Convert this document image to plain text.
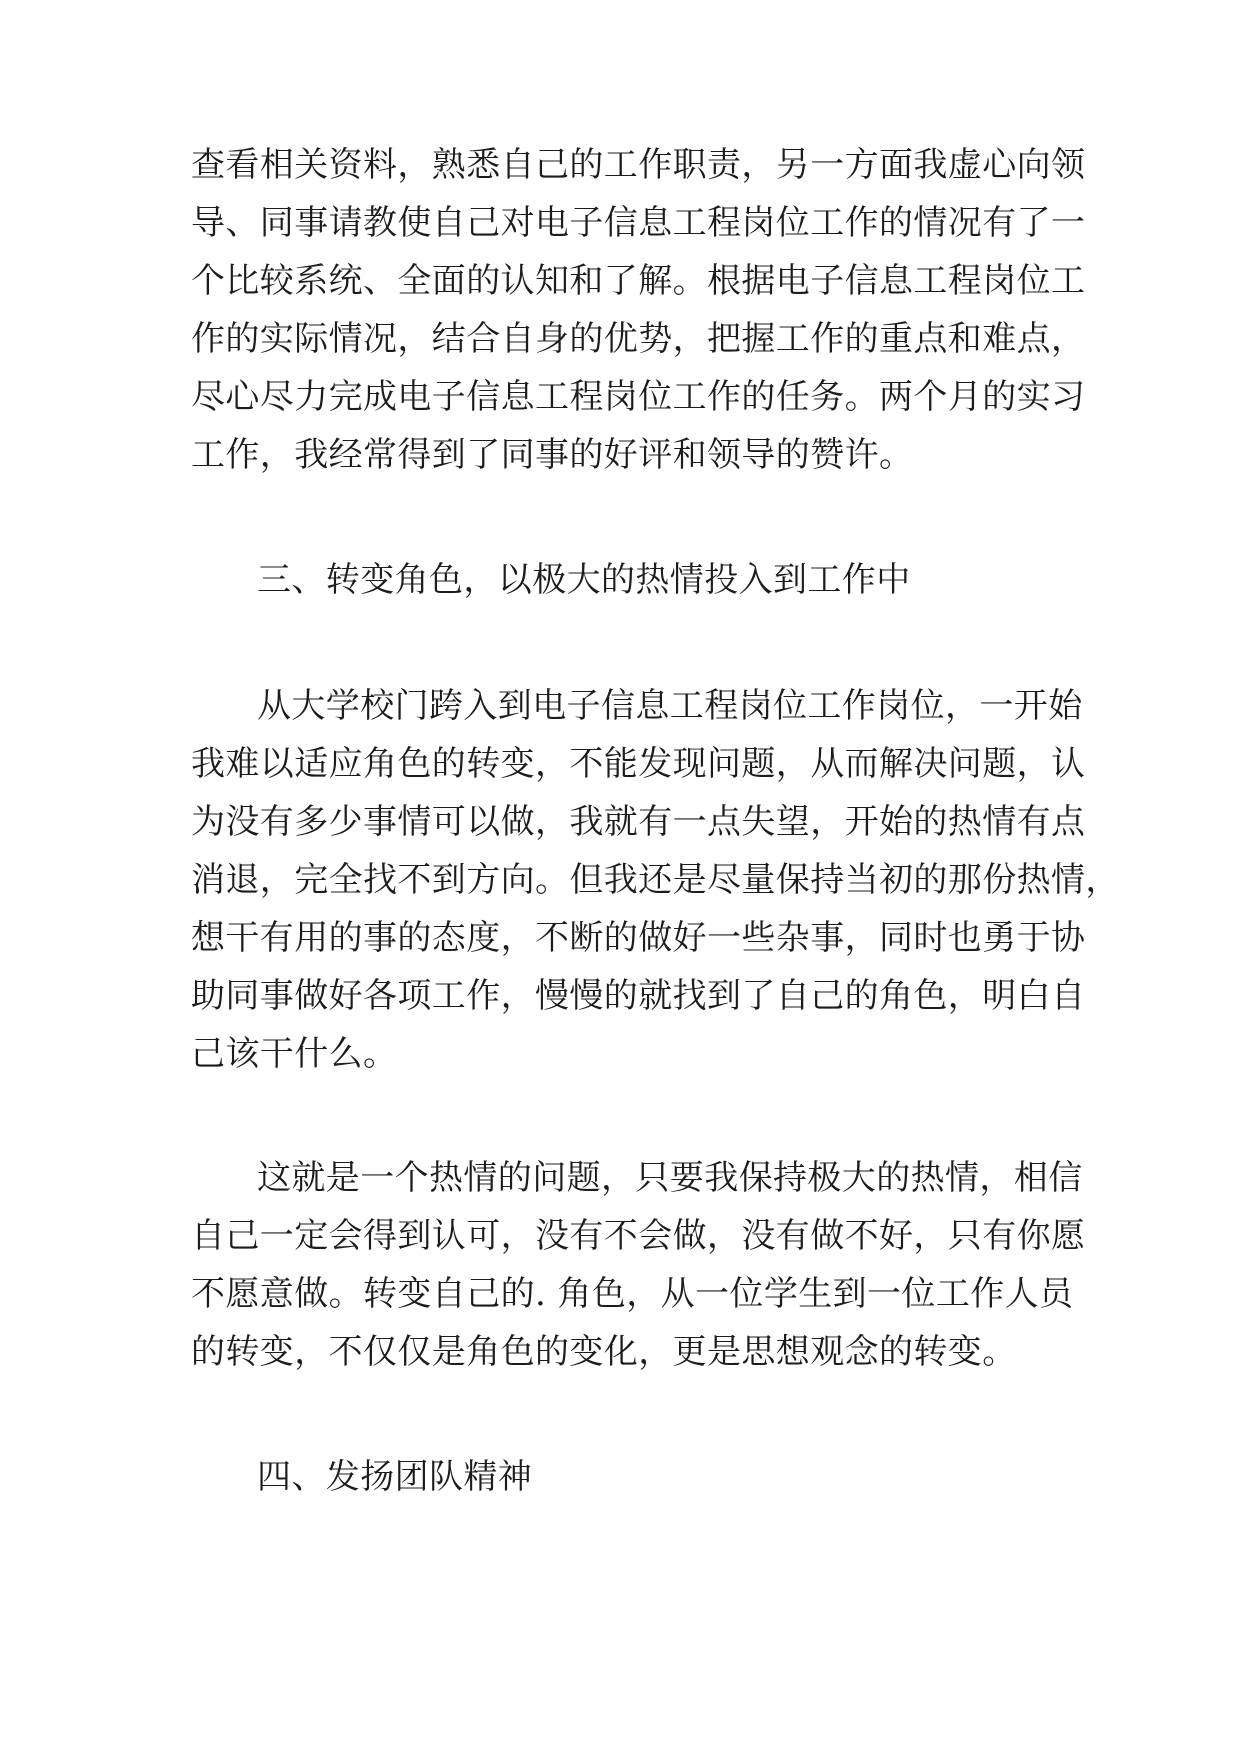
查看相关资料，熟悉自己的工作职责，另一方面我虚心向领
导、同事请教使自己对电子信息工程岗位工作的情况有了一
个比较系统、全面的认知和了解。根据电子信息工程岗位工
作的实际情况，结合自身的优势，把握工作的重点和难点，
尽心尽力完成电子信息工程岗位工作的任务。两个月的实习
工作，我经常得到了同事的好评和领导的赞许。
三、转变角色，以极大的热情投入到工作中
从大学校门跨入到电子信息工程岗位工作岗位，一开始
我难以适应角色的转变，不能发现问题，从而解决问题，认
为没有多少事情可以做，我就有一点失望，开始的热情有点
消退，完全找不到方向。但我还是尽量保持当初的那份热情，
想干有用的事的态度，不断的做好一些杂事，同时也勇于协
助同事做好各项工作，慢慢的就找到了自己的角色，明白自
己该干什么。
这就是一个热情的问题，只要我保持极大的热情，相信
自己一定会得到认可，没有不会做，没有做不好，只有你愿
不愿意做。转变自己的. 角色，从一位学生到一位工作人员
的转变，不仅仅是角色的变化，更是思想观念的转变。
四、发扬团队精神
